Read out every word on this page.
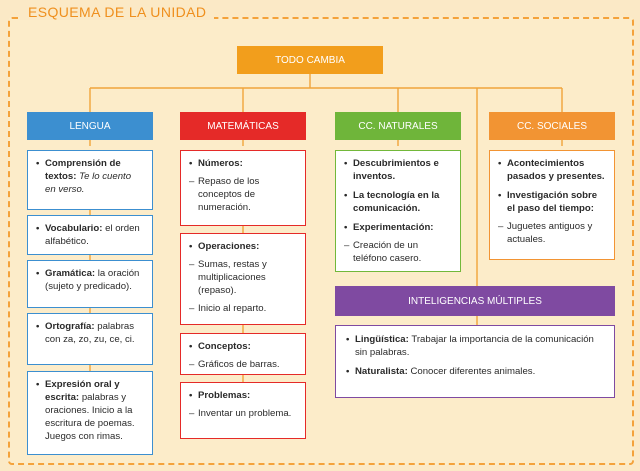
ESQUEMA DE LA UNIDAD
TODO CAMBIA
LENGUA	MATEMÁTICAS	CC. NATURALES	CC. SOCIALES
INTELIGENCIAS MÚLTIPLES
• Comprensión de textos: Te lo cuento en verso.
• Vocabulario: el orden alfabético.
• Gramática: la oración (sujeto y predicado).
• Ortografía: palabras con za, zo, zu, ce, ci.
• Expresión oral y escrita: palabras y oraciones. Inicio a la escritura de poemas. Juegos con rimas.
• Números:
– Repaso de los conceptos de numeración.
• Operaciones:
– Sumas, restas y multiplicaciones (repaso).
– Inicio al reparto.
• Conceptos:
– Gráficos de barras.
• Problemas:
– Inventar un problema.
• Descubrimientos e inventos.
• La tecnología en la comunicación.
• Experimentación:
– Creación de un teléfono casero.
• Acontecimientos pasados y presentes.
• Investigación sobre el paso del tiempo:
– Juguetes antiguos y actuales.
• Lingüística: Trabajar la importancia de la comunicación sin palabras.
• Naturalista: Conocer diferentes animales.
